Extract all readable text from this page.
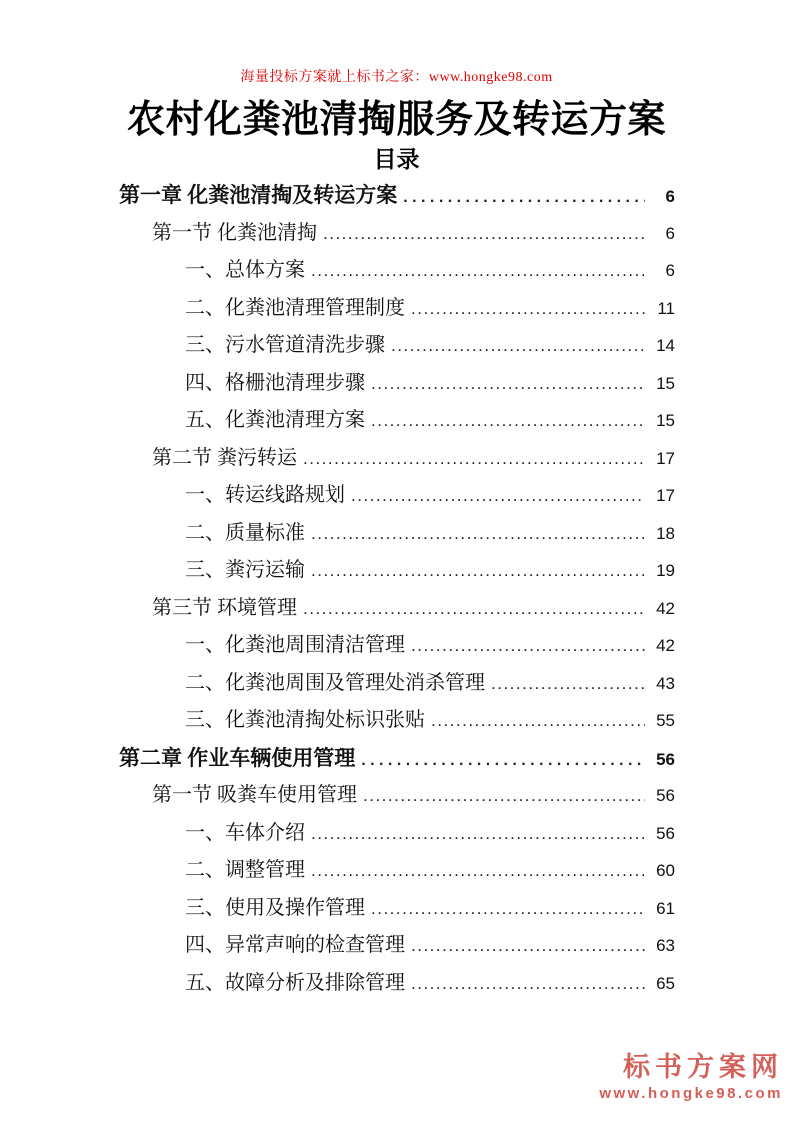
海量投标方案就上标书之家：www.hongke98.com
农村化粪池清掏服务及转运方案
目录
第一章 化粪池清掏及转运方案 . . .	6
第一节 化粪池清掏 .....	6
一、总体方案 .....	6
二、化粪池清理管理制度 .....	11
三、污水管道清洗步骤 .....	14
四、格栅池清理步骤 .....	15
五、化粪池清理方案 .....	15
第二节 粪污转运 .....	17
一、转运线路规划 .....	17
二、质量标准 .....	18
三、粪污运输 .....	19
第三节 环境管理 .....	42
一、化粪池周围清洁管理 .....	42
二、化粪池周围及管理处消杀管理 .....	43
三、化粪池清掏处标识张贴 .....	55
第二章 作业车辆使用管理 . . .	56
第一节 吸粪车使用管理 .....	56
一、车体介绍 .....	56
二、调整管理 .....	60
三、使用及操作管理 .....	61
四、异常声响的检查管理 .....	63
五、故障分析及排除管理 .....	65
标书方案网
www.hongke98.com
